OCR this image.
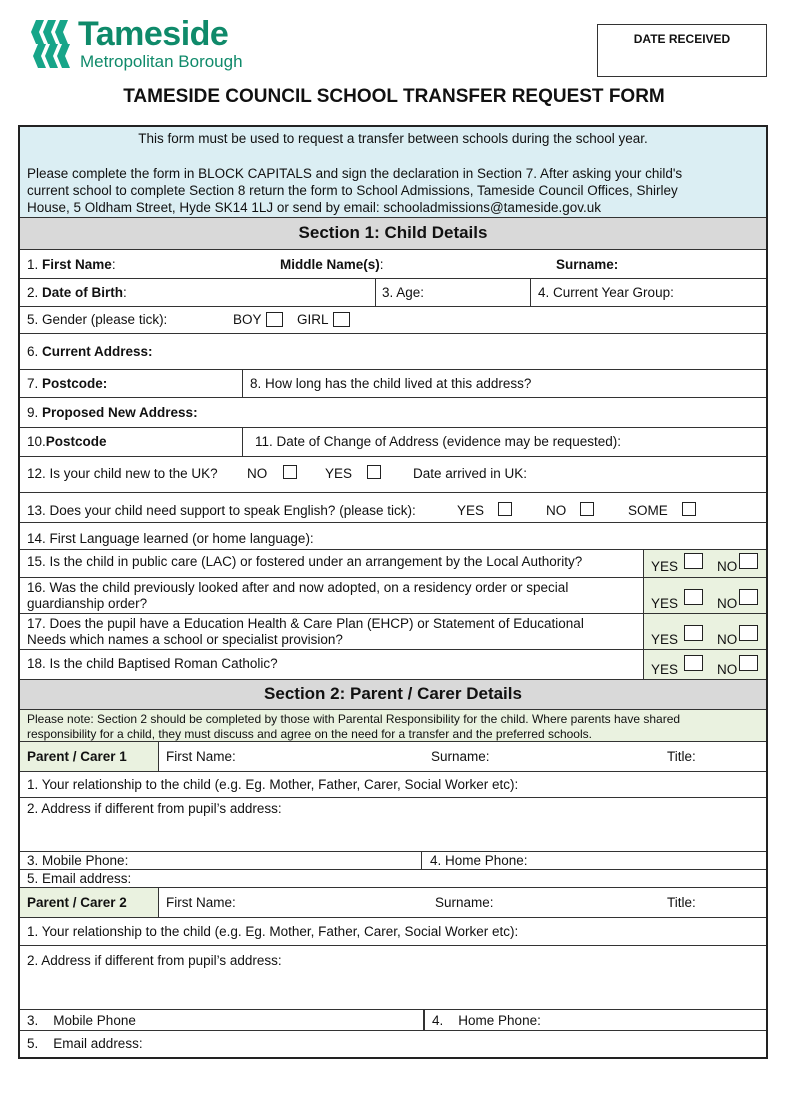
Tameside
Metropolitan Borough
DATE RECEIVED
TAMESIDE COUNCIL SCHOOL TRANSFER REQUEST FORM
This form must be used to request a transfer between schools during the school year.
Please complete the form in BLOCK CAPITALS and sign the declaration in Section 7. After asking your child's
current school to complete Section 8 return the form to School Admissions, Tameside Council Offices, Shirley
House, 5 Oldham Street, Hyde SK14 1LJ or send by email: schooladmissions@tameside.gov.uk
Section 1: Child Details
1. First Name:	Middle Name(s):	Surname:
2. Date of Birth:	3. Age:	4. Current Year Group:
5. Gender (please tick):	BOY	GIRL
6. Current Address:
7. Postcode:	8. How long has the child lived at this address?
9. Proposed New Address:
10.Postcode	11. Date of Change of Address (evidence may be requested):
12. Is your child new to the UK? NO	YES	Date arrived in UK:
13. Does your child need support to speak English? (please tick):	YES	NO	SOME
14. First Language learned (or home language):
15. Is the child in public care (LAC) or fostered under an arrangement by the Local Authority?	YES	NO
16. Was the child previously looked after and now adopted, on a residency order or special
guardianship order?	YES	NO
17. Does the pupil have a Education Health & Care Plan (EHCP) or Statement of Educational
Needs which names a school or specialist provision?	YES	NO
18. Is the child Baptised Roman Catholic?	YES	NO
Section 2: Parent / Carer Details
Please note: Section 2 should be completed by those with Parental Responsibility for the child. Where parents have shared
responsibility for a child, they must discuss and agree on the need for a transfer and the preferred schools.
Parent / Carer 1	First Name:	Surname:	Title:
1. Your relationship to the child (e.g. Eg. Mother, Father, Carer, Social Worker etc):
2. Address if different from pupil’s address:
3. Mobile Phone:	4. Home Phone:
5. Email address:
Parent / Carer 2	First Name:	Surname:	Title:
1. Your relationship to the child (e.g. Eg. Mother, Father, Carer, Social Worker etc):
2. Address if different from pupil’s address:
3. Mobile Phone	4. Home Phone:
5. Email address:
